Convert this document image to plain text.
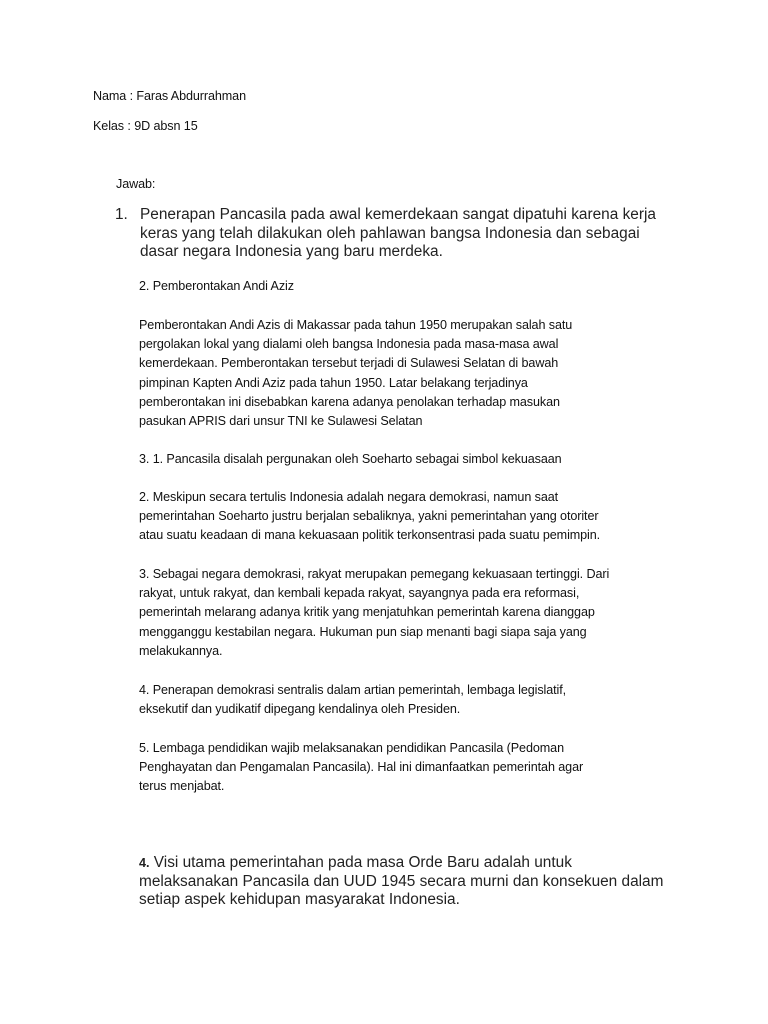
Nama : Faras Abdurrahman
Kelas : 9D absn 15
Jawab:
Penerapan Pancasila pada awal kemerdekaan sangat dipatuhi karena kerja
keras yang telah dilakukan oleh pahlawan bangsa Indonesia dan sebagai
dasar negara Indonesia yang baru merdeka.
1.
2. Pemberontakan Andi Aziz
Pemberontakan Andi Azis di Makassar pada tahun 1950 merupakan salah satu
pergolakan lokal yang dialami oleh bangsa Indonesia pada masa-masa awal
kemerdekaan. Pemberontakan tersebut terjadi di Sulawesi Selatan di bawah
pimpinan Kapten Andi Aziz pada tahun 1950. Latar belakang terjadinya
pemberontakan ini disebabkan karena adanya penolakan terhadap masukan
pasukan APRIS dari unsur TNI ke Sulawesi Selatan
3. 1. Pancasila disalah pergunakan oleh Soeharto sebagai simbol kekuasaan
2. Meskipun secara tertulis Indonesia adalah negara demokrasi, namun saat
pemerintahan Soeharto justru berjalan sebaliknya, yakni pemerintahan yang otoriter
atau suatu keadaan di mana kekuasaan politik terkonsentrasi pada suatu pemimpin.
3. Sebagai negara demokrasi, rakyat merupakan pemegang kekuasaan tertinggi. Dari
rakyat, untuk rakyat, dan kembali kepada rakyat, sayangnya pada era reformasi,
pemerintah melarang adanya kritik yang menjatuhkan pemerintah karena dianggap
mengganggu kestabilan negara. Hukuman pun siap menanti bagi siapa saja yang
melakukannya.
4. Penerapan demokrasi sentralis dalam artian pemerintah, lembaga legislatif,
eksekutif dan yudikatif dipegang kendalinya oleh Presiden.
5. Lembaga pendidikan wajib melaksanakan pendidikan Pancasila (Pedoman
Penghayatan dan Pengamalan Pancasila). Hal ini dimanfaatkan pemerintah agar
terus menjabat.
4. Visi utama pemerintahan pada masa Orde Baru adalah untuk
melaksanakan Pancasila dan UUD 1945 secara murni dan konsekuen dalam
setiap aspek kehidupan masyarakat Indonesia.
